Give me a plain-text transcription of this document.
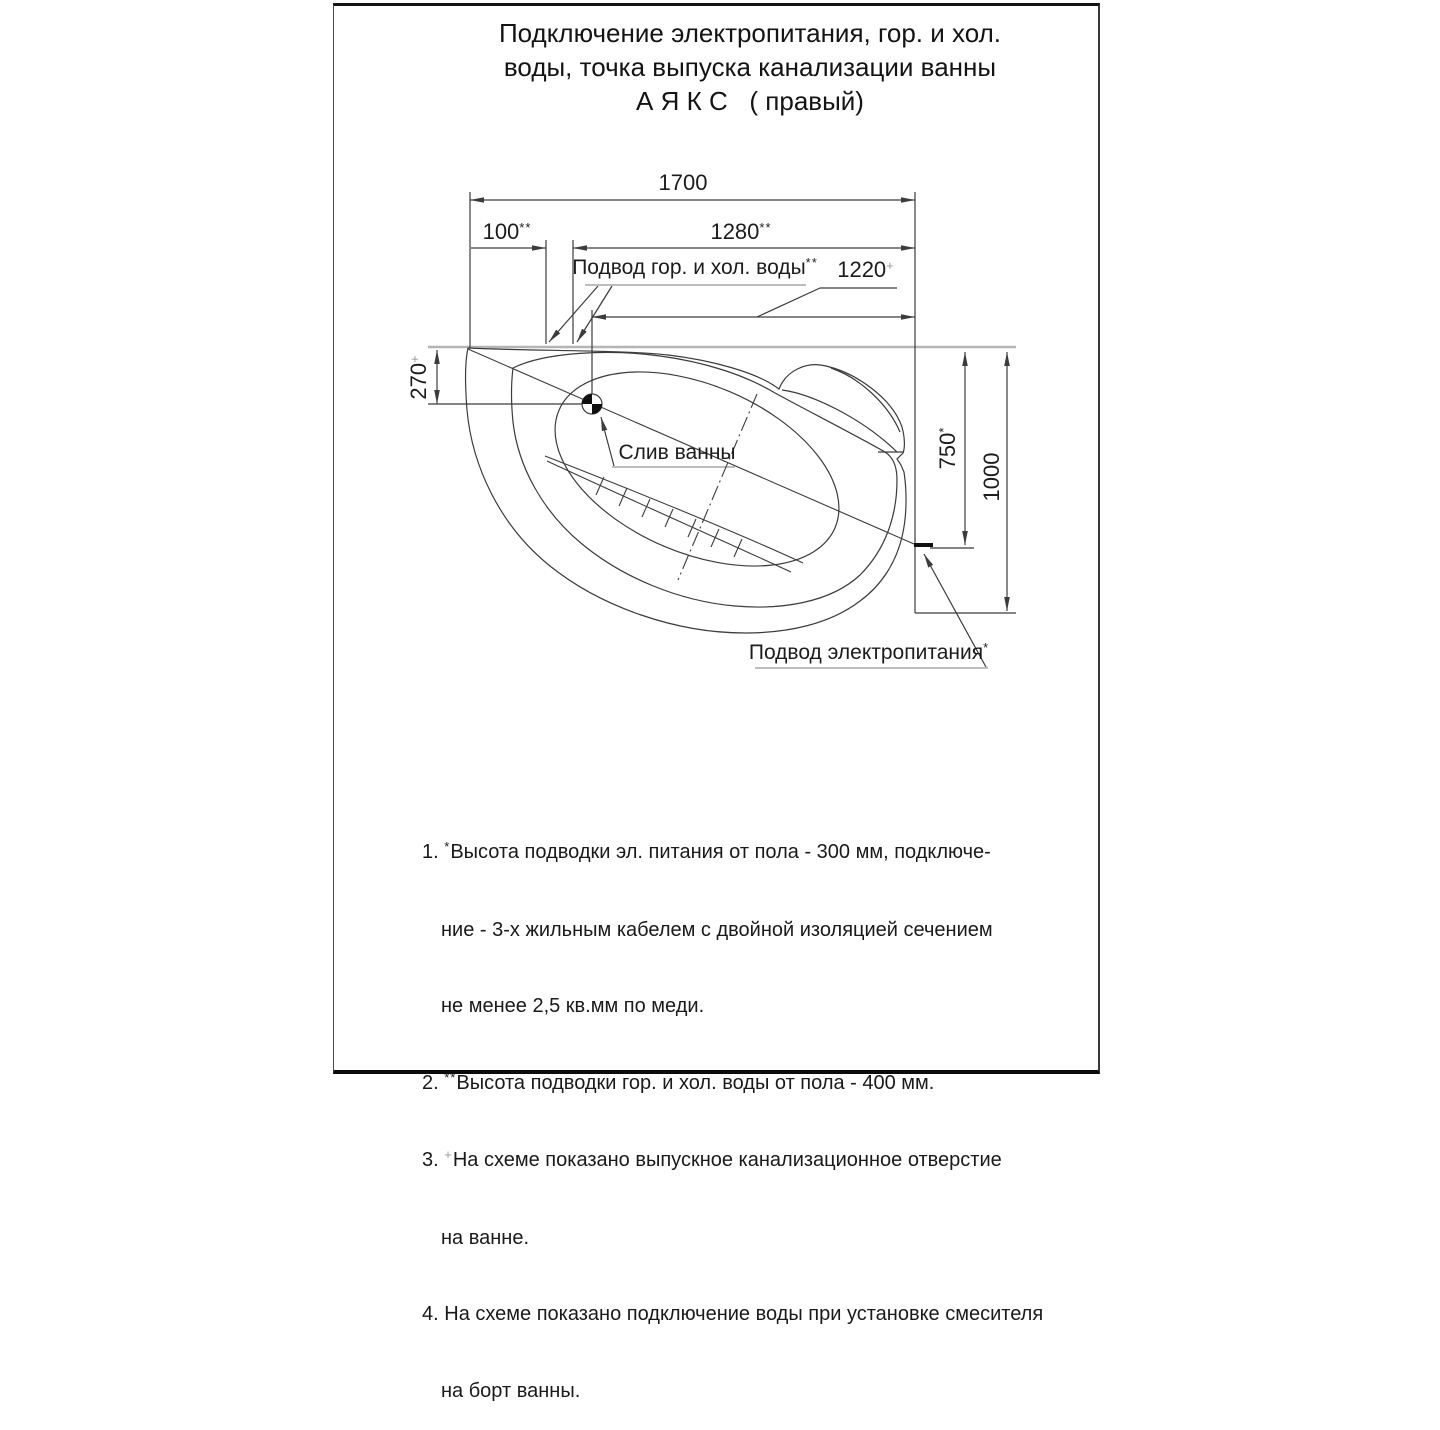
Подключение электропитания, гор. и хол.
воды, точка выпуска канализации ванны
А Я К С   ( правый)
1700
100**	1280**
1220+
270+
750*
1000
Подвод гор. и хол. воды**
Слив ванны
Подвод электропитания*

1. *Высота подводки эл. питания от пола - 300 мм, подключе-

ние - 3-х жильным кабелем с двойной изоляцией сечением

не менее 2,5 кв.мм по меди.

2. **Высота подводки гор. и хол. воды от пола - 400 мм.

3. +На схеме показано выпускное канализационное отверстие

на ванне.

4. На схеме показано подключение воды при установке смесителя

на борт ванны.
